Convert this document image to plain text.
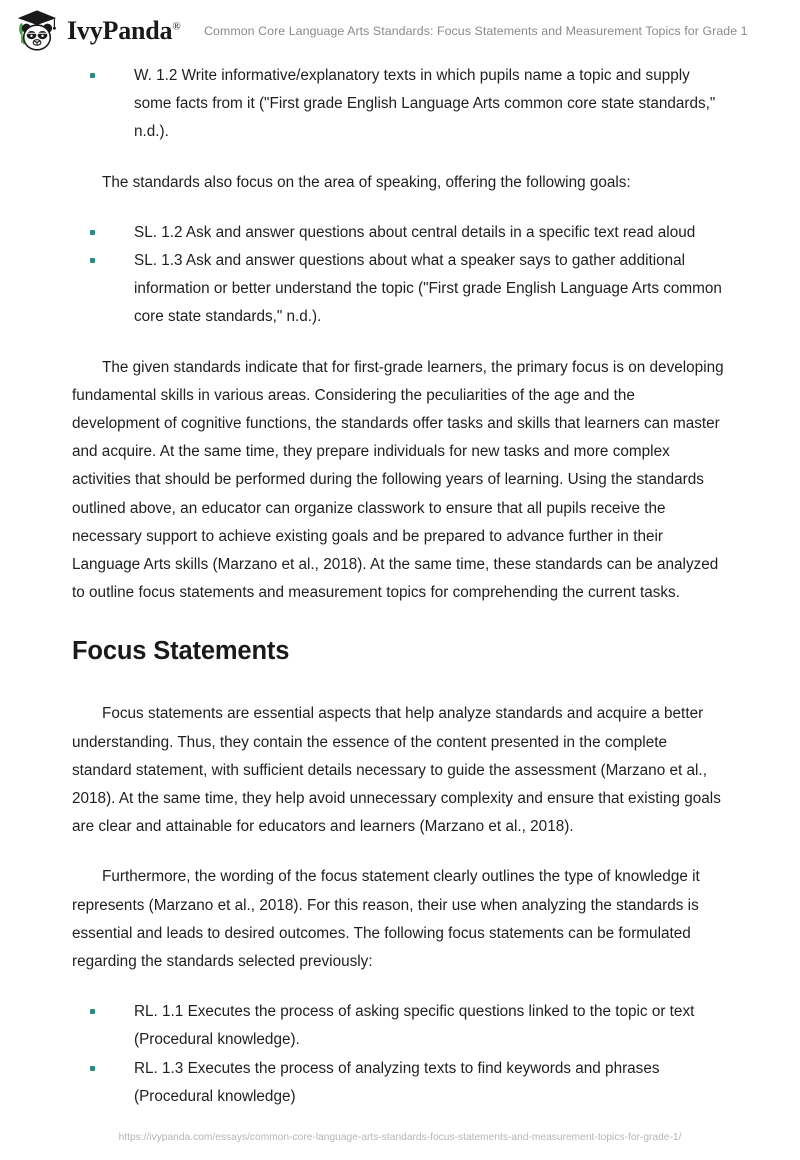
IvyPanda® Common Core Language Arts Standards: Focus Statements and Measurement Topics for Grade 1
W. 1.2 Write informative/explanatory texts in which pupils name a topic and supply some facts from it ("First grade English Language Arts common core state standards," n.d.).

The standards also focus on the area of speaking, offering the following goals:

SL. 1.2 Ask and answer questions about central details in a specific text read aloud
SL. 1.3 Ask and answer questions about what a speaker says to gather additional information or better understand the topic ("First grade English Language Arts common core state standards," n.d.).

The given standards indicate that for first-grade learners, the primary focus is on developing fundamental skills in various areas. Considering the peculiarities of the age and the development of cognitive functions, the standards offer tasks and skills that learners can master and acquire. At the same time, they prepare individuals for new tasks and more complex activities that should be performed during the following years of learning. Using the standards outlined above, an educator can organize classwork to ensure that all pupils receive the necessary support to achieve existing goals and be prepared to advance further in their Language Arts skills (Marzano et al., 2018). At the same time, these standards can be analyzed to outline focus statements and measurement topics for comprehending the current tasks.

Focus Statements

Focus statements are essential aspects that help analyze standards and acquire a better understanding. Thus, they contain the essence of the content presented in the complete standard statement, with sufficient details necessary to guide the assessment (Marzano et al., 2018). At the same time, they help avoid unnecessary complexity and ensure that existing goals are clear and attainable for educators and learners (Marzano et al., 2018).

Furthermore, the wording of the focus statement clearly outlines the type of knowledge it represents (Marzano et al., 2018). For this reason, their use when analyzing the standards is essential and leads to desired outcomes. The following focus statements can be formulated regarding the standards selected previously:

RL. 1.1 Executes the process of asking specific questions linked to the topic or text (Procedural knowledge).
RL. 1.3 Executes the process of analyzing texts to find keywords and phrases (Procedural knowledge)
https://ivypanda.com/essays/common-core-language-arts-standards-focus-statements-and-measurement-topics-for-grade-1/
